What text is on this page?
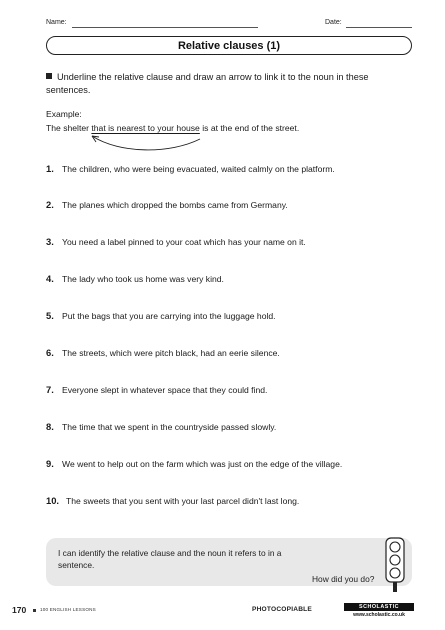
Name:	Date:
Relative clauses (1)
Underline the relative clause and draw an arrow to link it to the noun in these sentences.
Example:
The shelter that is nearest to your house is at the end of the street.
1. The children, who were being evacuated, waited calmly on the platform.
2. The planes which dropped the bombs came from Germany.
3. You need a label pinned to your coat which has your name on it.
4. The lady who took us home was very kind.
5. Put the bags that you are carrying into the luggage hold.
6. The streets, which were pitch black, had an eerie silence.
7. Everyone slept in whatever space that they could find.
8. The time that we spent in the countryside passed slowly.
9. We went to help out on the farm which was just on the edge of the village.
10. The sweets that you sent with your last parcel didn't last long.
I can identify the relative clause and the noun it refers to in a sentence.
How did you do?
170	100 ENGLISH LESSONS	PHOTOCOPIABLE	SCHOLASTIC
www.scholastic.co.uk
